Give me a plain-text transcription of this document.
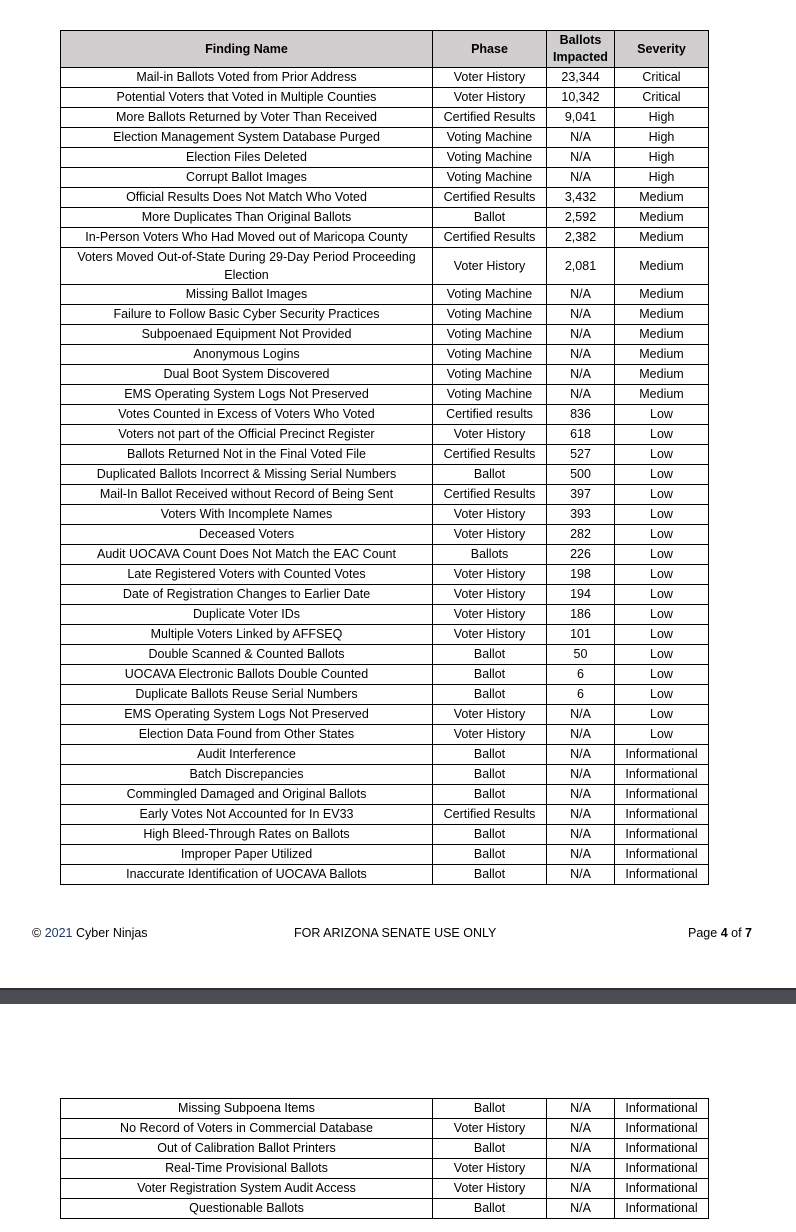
Finding Name	Phase	Ballots Impacted	Severity
Mail-in Ballots Voted from Prior Address	Voter History	23,344	Critical
Potential Voters that Voted in Multiple Counties	Voter History	10,342	Critical
More Ballots Returned by Voter Than Received	Certified Results	9,041	High
Election Management System Database Purged	Voting Machine	N/A	High
Election Files Deleted	Voting Machine	N/A	High
Corrupt Ballot Images	Voting Machine	N/A	High
Official Results Does Not Match Who Voted	Certified Results	3,432	Medium
More Duplicates Than Original Ballots	Ballot	2,592	Medium
In-Person Voters Who Had Moved out of Maricopa County	Certified Results	2,382	Medium
Voters Moved Out-of-State During 29-Day Period Proceeding Election	Voter History	2,081	Medium
Missing Ballot Images	Voting Machine	N/A	Medium
Failure to Follow Basic Cyber Security Practices	Voting Machine	N/A	Medium
Subpoenaed Equipment Not Provided	Voting Machine	N/A	Medium
Anonymous Logins	Voting Machine	N/A	Medium
Dual Boot System Discovered	Voting Machine	N/A	Medium
EMS Operating System Logs Not Preserved	Voting Machine	N/A	Medium
Votes Counted in Excess of Voters Who Voted	Certified results	836	Low
Voters not part of the Official Precinct Register	Voter History	618	Low
Ballots Returned Not in the Final Voted File	Certified Results	527	Low
Duplicated Ballots Incorrect & Missing Serial Numbers	Ballot	500	Low
Mail-In Ballot Received without Record of Being Sent	Certified Results	397	Low
Voters With Incomplete Names	Voter History	393	Low
Deceased Voters	Voter History	282	Low
Audit UOCAVA Count Does Not Match the EAC Count	Ballots	226	Low
Late Registered Voters with Counted Votes	Voter History	198	Low
Date of Registration Changes to Earlier Date	Voter History	194	Low
Duplicate Voter IDs	Voter History	186	Low
Multiple Voters Linked by AFFSEQ	Voter History	101	Low
Double Scanned & Counted Ballots	Ballot	50	Low
UOCAVA Electronic Ballots Double Counted	Ballot	6	Low
Duplicate Ballots Reuse Serial Numbers	Ballot	6	Low
EMS Operating System Logs Not Preserved	Voter History	N/A	Low
Election Data Found from Other States	Voter History	N/A	Low
Audit Interference	Ballot	N/A	Informational
Batch Discrepancies	Ballot	N/A	Informational
Commingled Damaged and Original Ballots	Ballot	N/A	Informational
Early Votes Not Accounted for In EV33	Certified Results	N/A	Informational
High Bleed-Through Rates on Ballots	Ballot	N/A	Informational
Improper Paper Utilized	Ballot	N/A	Informational
Inaccurate Identification of UOCAVA Ballots	Ballot	N/A	Informational
© 2021 Cyber Ninjas	FOR ARIZONA SENATE USE ONLY	Page 4 of 7
Missing Subpoena Items	Ballot	N/A	Informational
No Record of Voters in Commercial Database	Voter History	N/A	Informational
Out of Calibration Ballot Printers	Ballot	N/A	Informational
Real-Time Provisional Ballots	Voter History	N/A	Informational
Voter Registration System Audit Access	Voter History	N/A	Informational
Questionable Ballots	Ballot	N/A	Informational
